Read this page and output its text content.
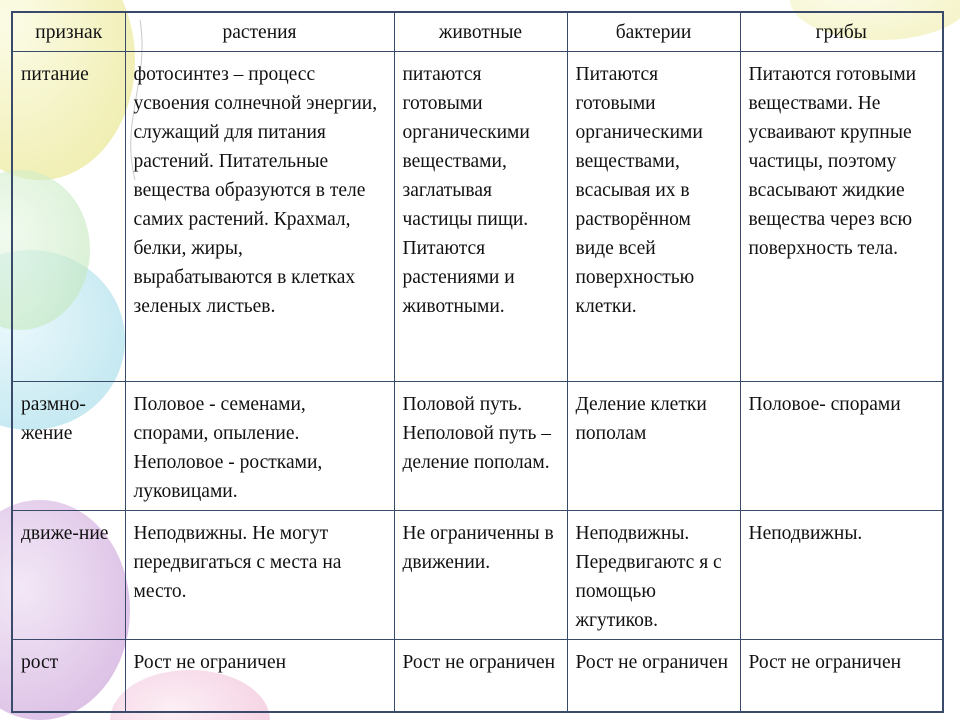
признак	растения	животные	бактерии	грибы
питание	фотосинтез – процесс усвоения солнечной энергии, служащий для питания растений. Питательные вещества образуются в теле самих растений. Крахмал, белки, жиры, вырабатываются в клетках зеленых листьев.	питаются готовыми органическими веществами, заглатывая частицы пищи. Питаются растениями и животными.	Питаются готовыми органическими веществами, всасывая их в растворённом виде всей поверхностью клетки.	Питаются готовыми веществами. Не усваивают крупные частицы, поэтому всасывают жидкие вещества через всю поверхность тела.
размно-жение	Половое - семенами, спорами, опыление. Неполовое - ростками, луковицами.	Половой путь. Неполовой путь – деление пополам.	Деление клетки пополам	Половое- спорами
движе-ние	Неподвижны. Не могут передвигаться с места на место.	Не ограниченны в движении.	Неподвижны. Передвигаютс я с помощью жгутиков.	Неподвижны.
рост	Рост не ограничен	Рост не ограничен	Рост не ограничен	Рост не ограничен
